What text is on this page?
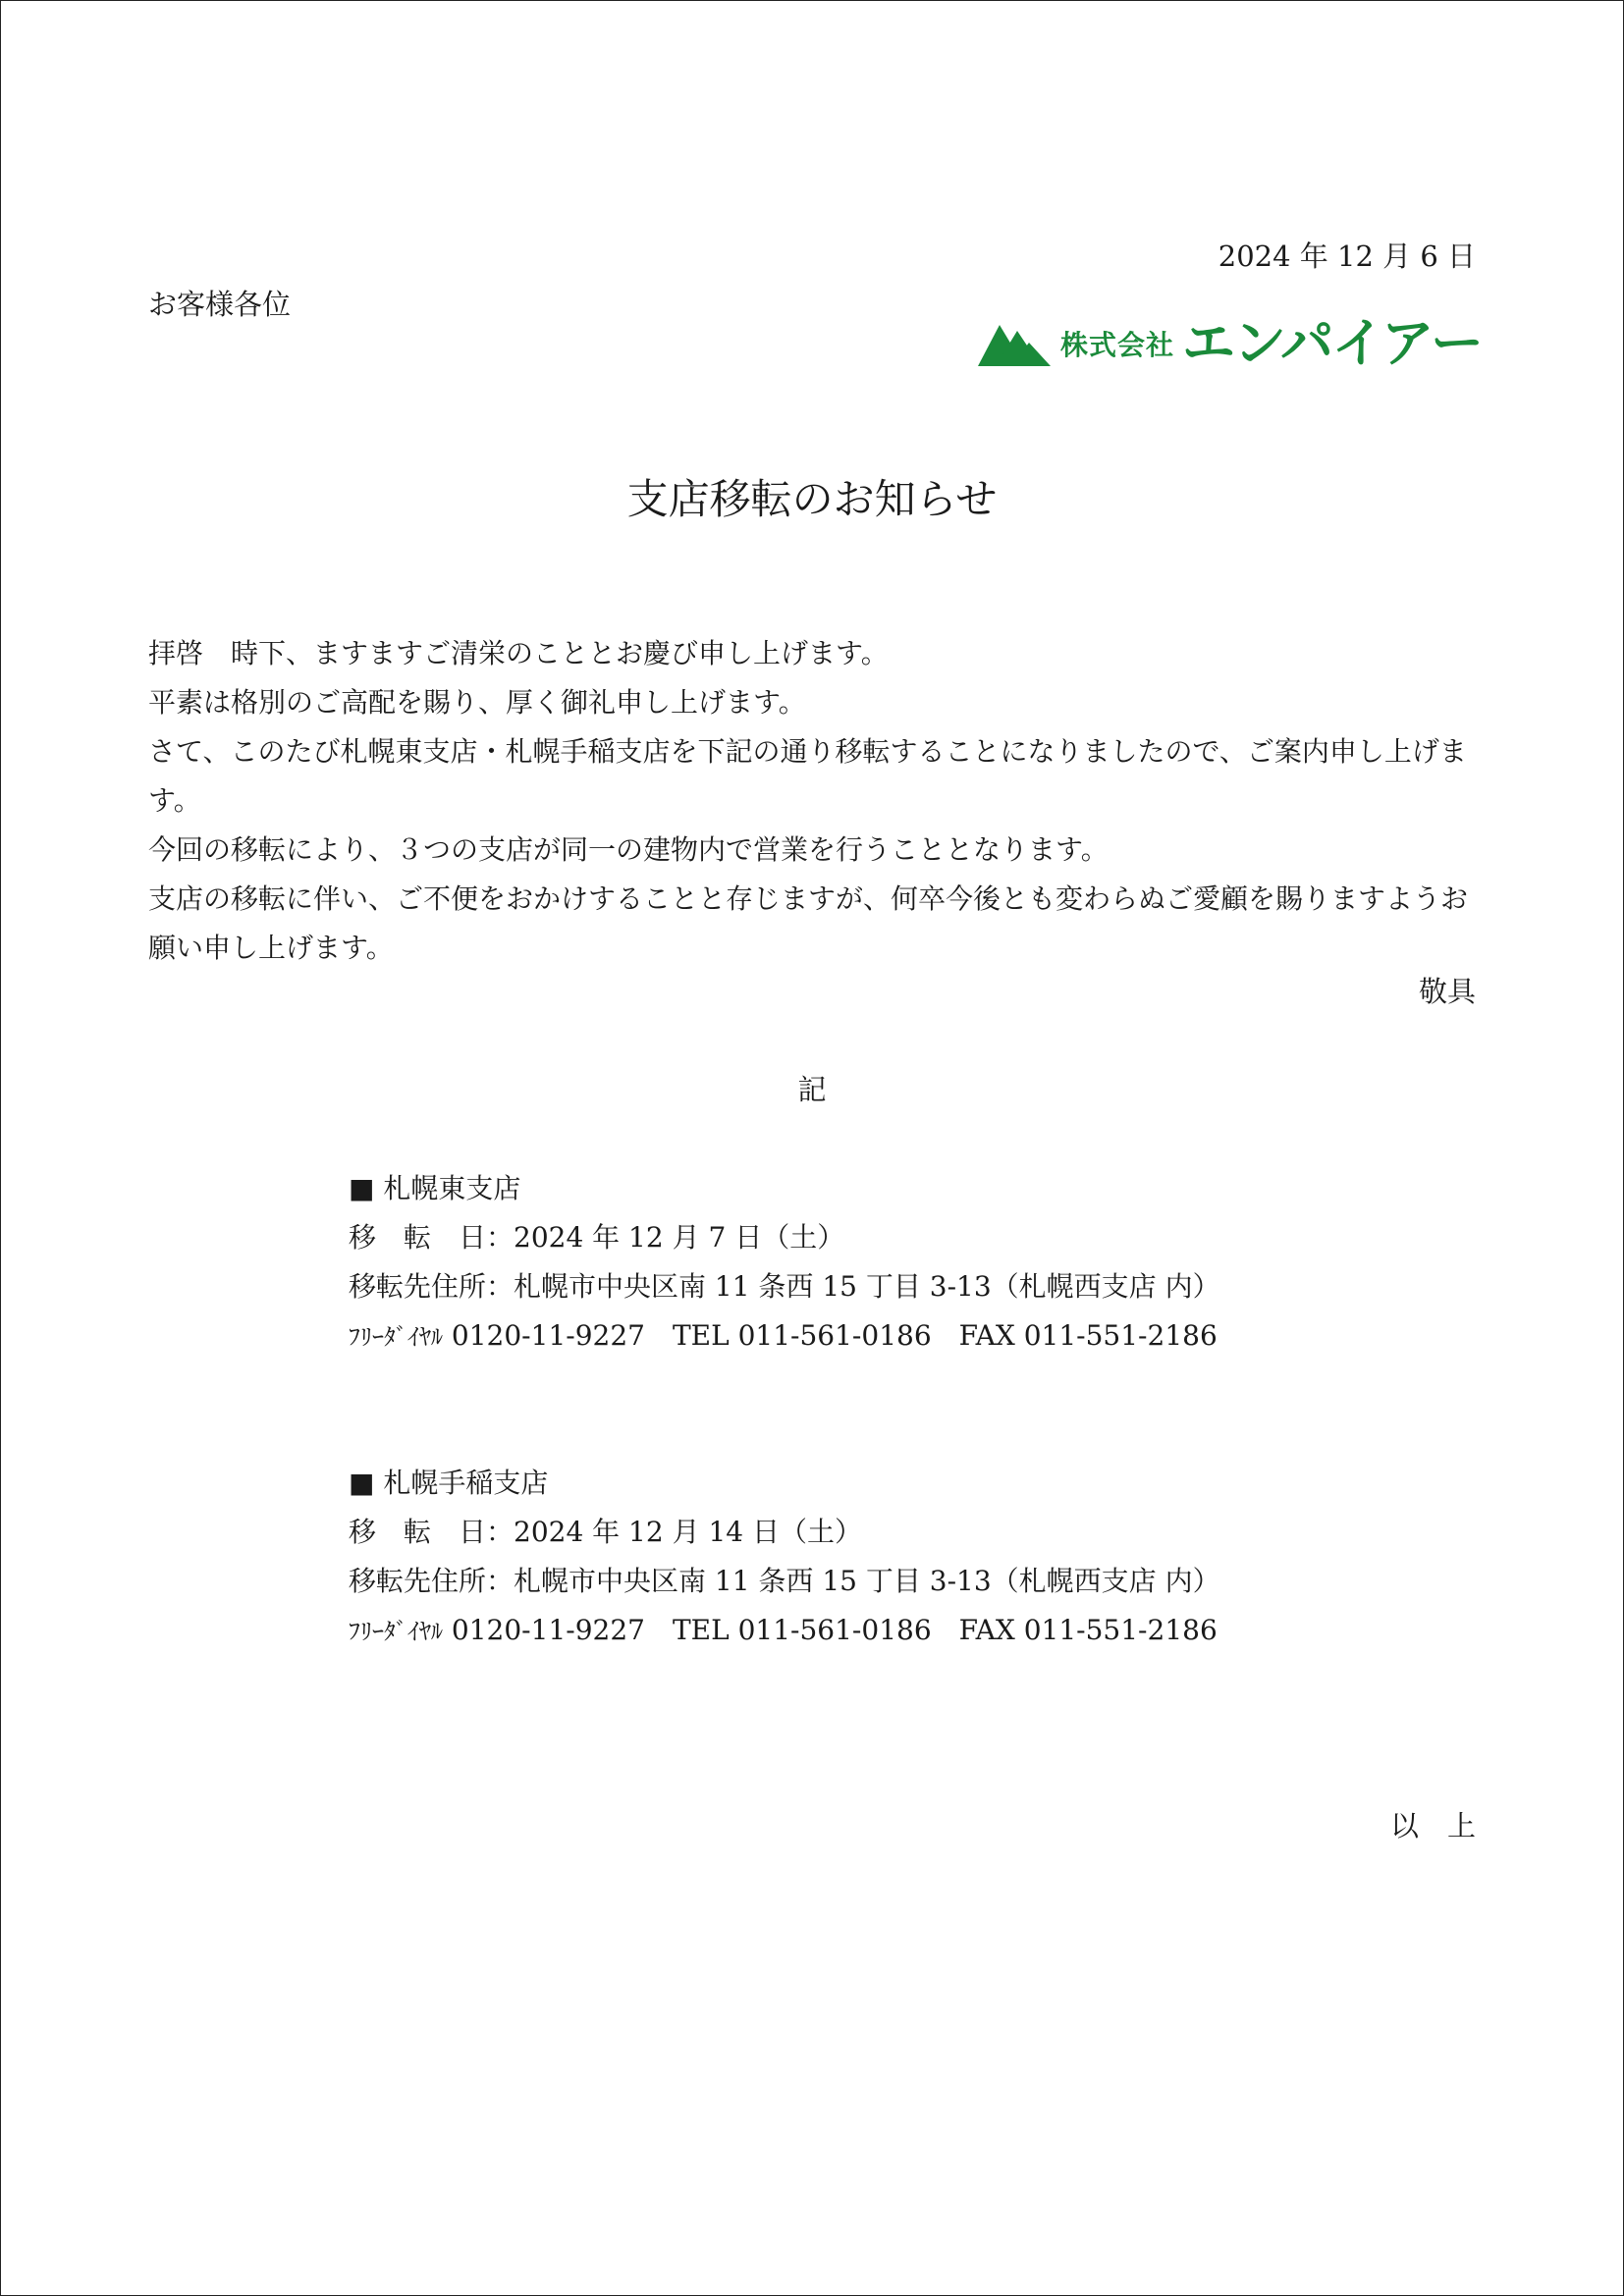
2024 年 12 月 6 日
お客様各位
株式会社 エンパイアー
支店移転のお知らせ

拝啓　時下、ますますご清栄のこととお慶び申し上げます。

平素は格別のご高配を賜り、厚く御礼申し上げます。

さて、このたび札幌東支店・札幌手稲支店を下記の通り移転することになりましたので、ご案内申し上げます。

今回の移転により、３つの支店が同一の建物内で営業を行うこととなります。

支店の移転に伴い、ご不便をおかけすることと存じますが、何卒今後とも変わらぬご愛顧を賜りますようお願い申し上げます。

敬具
記
■ 札幌東支店
移　転　日：2024 年 12 月 7 日（土）
移転先住所：札幌市中央区南 11 条西 15 丁目 3-13（札幌西支店 内）
ﾌﾘｰﾀﾞｲﾔﾙ 0120-11-9227　TEL 011-561-0186　FAX 011-551-2186
■ 札幌手稲支店
移　転　日：2024 年 12 月 14 日（土）
移転先住所：札幌市中央区南 11 条西 15 丁目 3-13（札幌西支店 内）
ﾌﾘｰﾀﾞｲﾔﾙ 0120-11-9227　TEL 011-561-0186　FAX 011-551-2186
以　上
